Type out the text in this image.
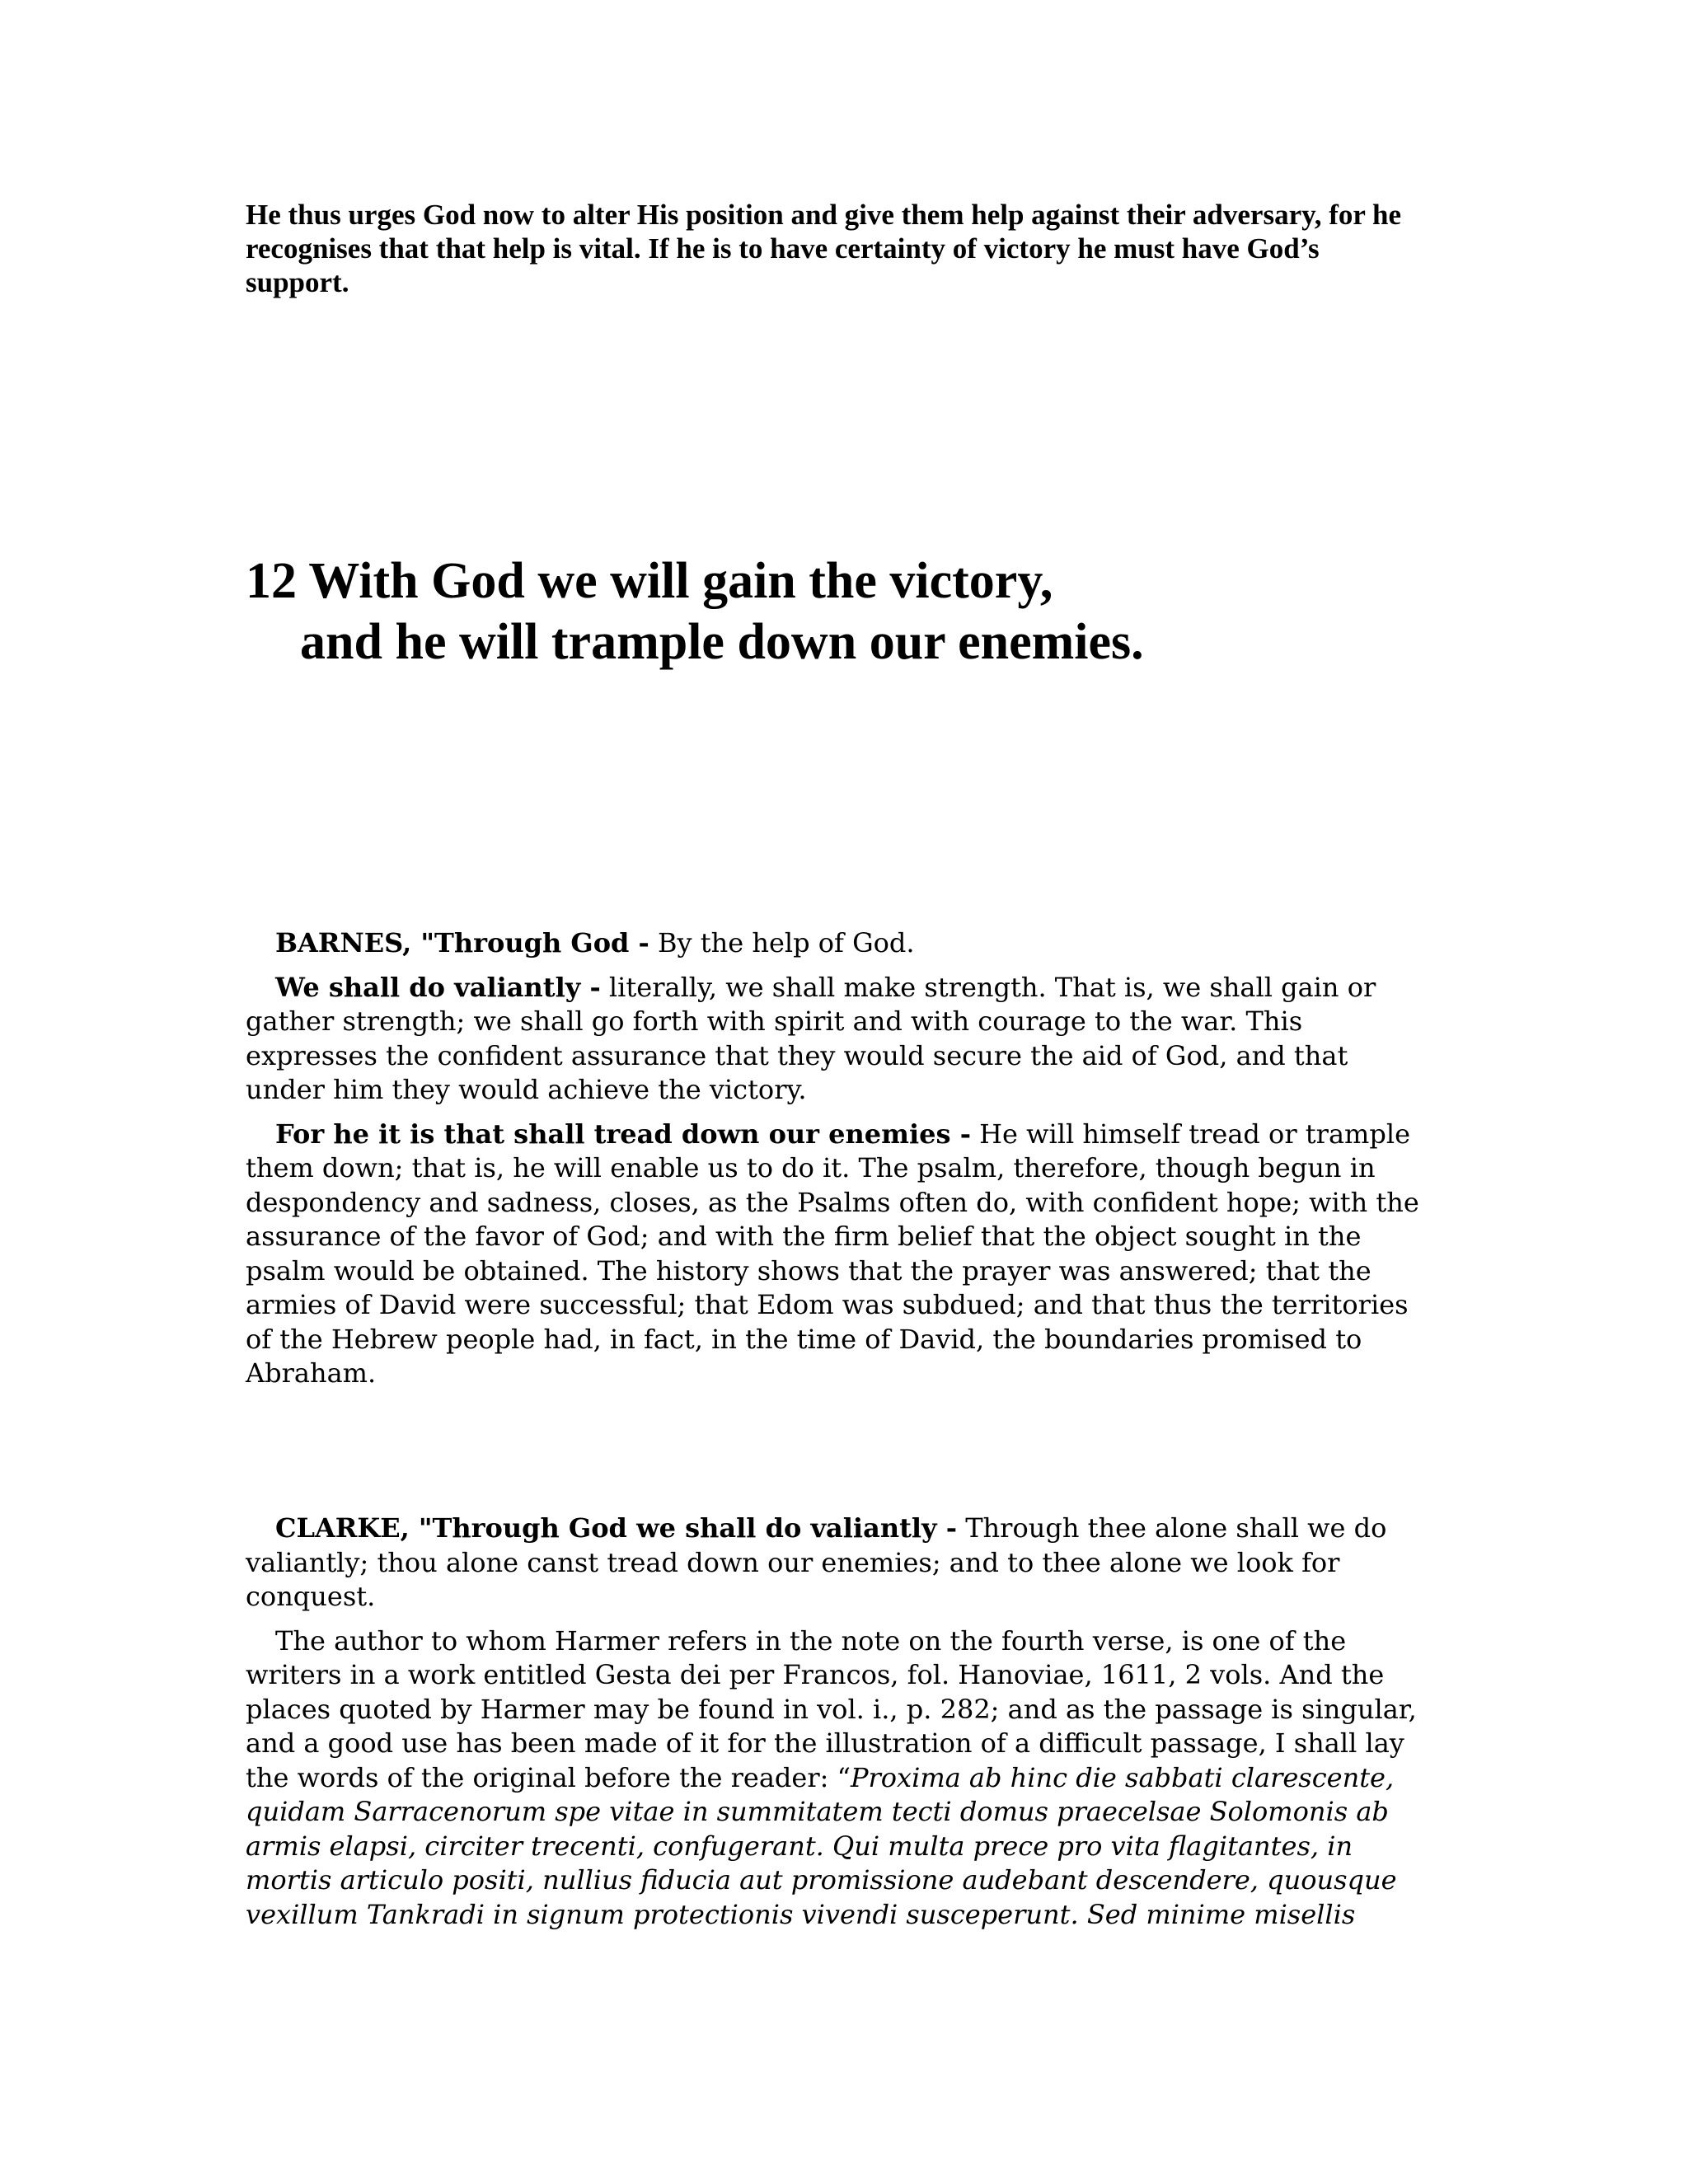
He thus urges God now to alter His position and give them help against their adversary, for he recognises that that help is vital. If he is to have certainty of victory he must have God’s support.

12 With God we will gain the victory,
and he will trample down our enemies.

BARNES, "Through God - By the help of God.

We shall do valiantly - literally, we shall make strength. That is, we shall gain or gather strength; we shall go forth with spirit and with courage to the war. This expresses the confident assurance that they would secure the aid of God, and that under him they would achieve the victory.

For he it is that shall tread down our enemies - He will himself tread or trample them down; that is, he will enable us to do it. The psalm, therefore, though begun in despondency and sadness, closes, as the Psalms often do, with confident hope; with the assurance of the favor of God; and with the firm belief that the object sought in the psalm would be obtained. The history shows that the prayer was answered; that the armies of David were successful; that Edom was subdued; and that thus the territories of the Hebrew people had, in fact, in the time of David, the boundaries promised to Abraham.

CLARKE, "Through God we shall do valiantly - Through thee alone shall we do valiantly; thou alone canst tread down our enemies; and to thee alone we look for conquest.

The author to whom Harmer refers in the note on the fourth verse, is one of the writers in a work entitled Gesta dei per Francos, fol. Hanoviae, 1611, 2 vols. And the places quoted by Harmer may be found in vol. i., p. 282; and as the passage is singular, and a good use has been made of it for the illustration of a difficult passage, I shall lay the words of the original before the reader: “Proxima ab hinc die sabbati clarescente, quidam Sarracenorum spe vitae in summitatem tecti domus praecelsae Solomonis ab armis elapsi, circiter trecenti, confugerant. Qui multa prece pro vita flagitantes, in mortis articulo positi, nullius fiducia aut promissione audebant descendere, quousque vexillum Tankradi in signum protectionis vivendi susceperunt. Sed minime misellis
